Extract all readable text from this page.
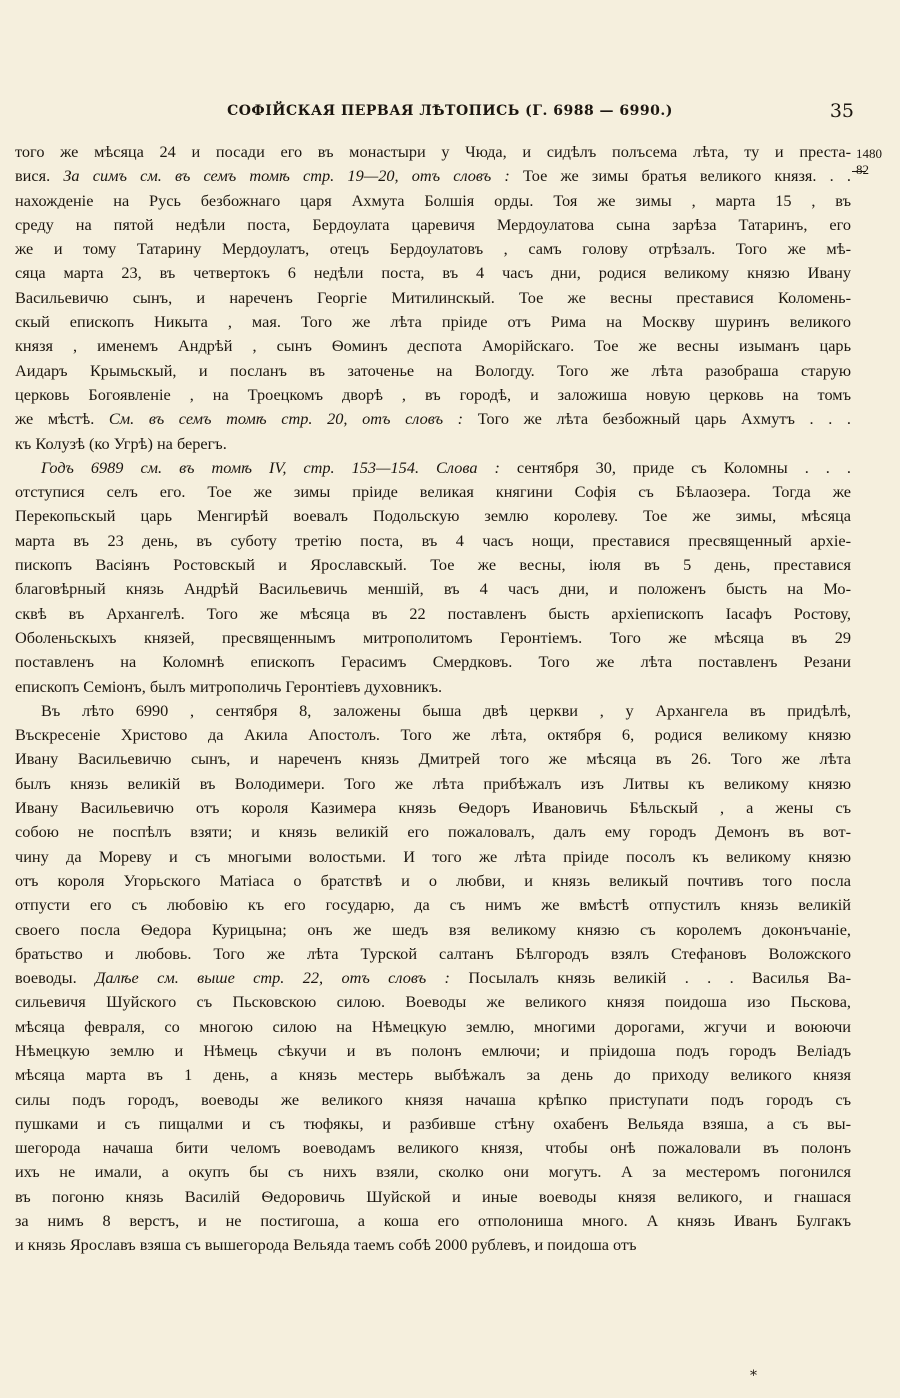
СОФІЙСКАЯ ПЕРВАЯ ЛѢТОПИСЬ (Г. 6988 — 6990.)	35
1480
82
того же мѣсяца 24 и посади его въ монастыри у Чюда, и сидѣлъ полъсема лѣта, ту и преста-
вися. За симъ см. въ семъ томѣ стр. 19—20, отъ словъ : Тое же зимы братья великого князя. . .
нахожденіе на Русь безбожнаго царя Ахмута Болшія орды. Тоя же зимы , марта 15 , въ
среду на пятой недѣли поста, Бердоулата царевичя Мердоулатова сына зарѣза Татаринъ, его
же и тому Татарину Мердоулатъ, отецъ Бердоулатовъ , самъ голову отрѣзалъ. Того же мѣ-
сяца марта 23, въ четвертокъ 6 недѣли поста, въ 4 часъ дни, родися великому князю Ивану
Васильевичю сынъ, и нареченъ Георгіе Митилинскый. Тое же весны преставися Коломень-
скый епископъ Никыта , мая. Того же лѣта пріиде отъ Рима на Москву шуринъ великого
князя , именемъ Андрѣй , сынъ Ѳоминъ деспота Аморійскаго. Тое же весны изыманъ царь
Аидаръ Крымьскый, и посланъ въ заточенье на Вологду. Того же лѣта разобраша старую
церковь Богоявленіе , на Троецкомъ дворѣ , въ городѣ, и заложиша новую церковь на томъ
же мѣстѣ. См. въ семъ томѣ стр. 20, отъ словъ : Того же лѣта безбожный царь Ахмутъ . . .
къ Колузѣ (ко Угрѣ) на берегъ.
Годъ 6989 см. въ томѣ IV, стр. 153—154. Слова : сентября 30, приде съ Коломны . . .
отступися селъ его. Тое же зимы пріиде великая княгини Софія съ Бѣлаозера. Тогда же
Перекопьскый царь Менгирѣй воевалъ Подольскую землю королеву. Тое же зимы, мѣсяца
марта въ 23 день, въ суботу третію поста, въ 4 часъ нощи, преставися пресвященный архіе-
пископъ Васіянъ Ростовскый и Ярославскый. Тое же весны, іюля въ 5 день, преставися
благовѣрный князь Андрѣй Васильевичь меншій, въ 4 часъ дни, и положенъ бысть на Мо-
сквѣ въ Архангелѣ. Того же мѣсяца въ 22 поставленъ бысть архіепископъ Іасафъ Ростову,
Оболеньскыхъ князей, пресвященнымъ митрополитомъ Геронтіемъ. Того же мѣсяца въ 29
поставленъ на Коломнѣ епископъ Герасимъ Смердковъ. Того же лѣта поставленъ Резани
епископъ Семіонъ, былъ митрополичь Геронтіевъ духовникъ.
Въ лѣто 6990 , сентября 8, заложены быша двѣ церкви , у Архангела въ придѣлѣ,
Въскресеніе Христово да Акила Апостолъ. Того же лѣта, октября 6, родися великому князю
Ивану Васильевичю сынъ, и нареченъ князь Дмитрей того же мѣсяца въ 26. Того же лѣта
былъ князь великій въ Володимери. Того же лѣта прибѣжалъ изъ Литвы къ великому князю
Ивану Васильевичю отъ короля Казимера князь Ѳедоръ Ивановичь Бѣльскый , а жены съ
собою не поспѣлъ взяти; и князь великій его пожаловалъ, далъ ему городъ Демонъ въ вот-
чину да Мореву и съ многыми волостьми. И того же лѣта пріиде посолъ къ великому князю
отъ короля Угорьского Матіаса о братствѣ и о любви, и князь великый почтивъ того посла
отпусти его съ любовію къ его государю, да съ нимъ же вмѣстѣ отпустилъ князь великій
своего посла Ѳедора Курицына; онъ же шедъ взя великому князю съ королемъ доконъчаніе,
братьство и любовь. Того же лѣта Турской салтанъ Бѣлгородъ взялъ Стефановъ Воложского
воеводы. Далѣе см. выше стр. 22, отъ словъ : Посылалъ князь великій . . . Василья Ва-
сильевичя Шуйского съ Пьсковскою силою. Воеводы же великого князя поидоша изо Пьскова,
мѣсяца февраля, со многою силою на Нѣмецкую землю, многими дорогами, жгучи и воюючи
Нѣмецкую землю и Нѣмець сѣкучи и въ полонъ емлючи; и пріидоша подъ городъ Веліадъ
мѣсяца марта въ 1 день, а князь местерь выбѣжалъ за день до приходу великого князя
силы подъ городъ, воеводы же великого князя начаша крѣпко приступати подъ городъ съ
пушками и съ пищалми и съ тюфякы, и разбивше стѣну охабенъ Вельяда взяша, а съ вы-
шегорода начаша бити челомъ воеводамъ великого князя, чтобы онѣ пожаловали въ полонъ
ихъ не имали, а окупъ бы съ нихъ взяли, сколко они могутъ. А за местеромъ погонился
въ погоню князь Василій Ѳедоровичь Шуйской и иные воеводы князя великого, и гнашася
за нимъ 8 верстъ, и не постигоша, а коша его отполониша много. А князь Иванъ Булгакъ
и князь Ярославъ взяша съ вышегорода Вельяда таемъ собѣ 2000 рублевъ, и поидоша отъ
*
